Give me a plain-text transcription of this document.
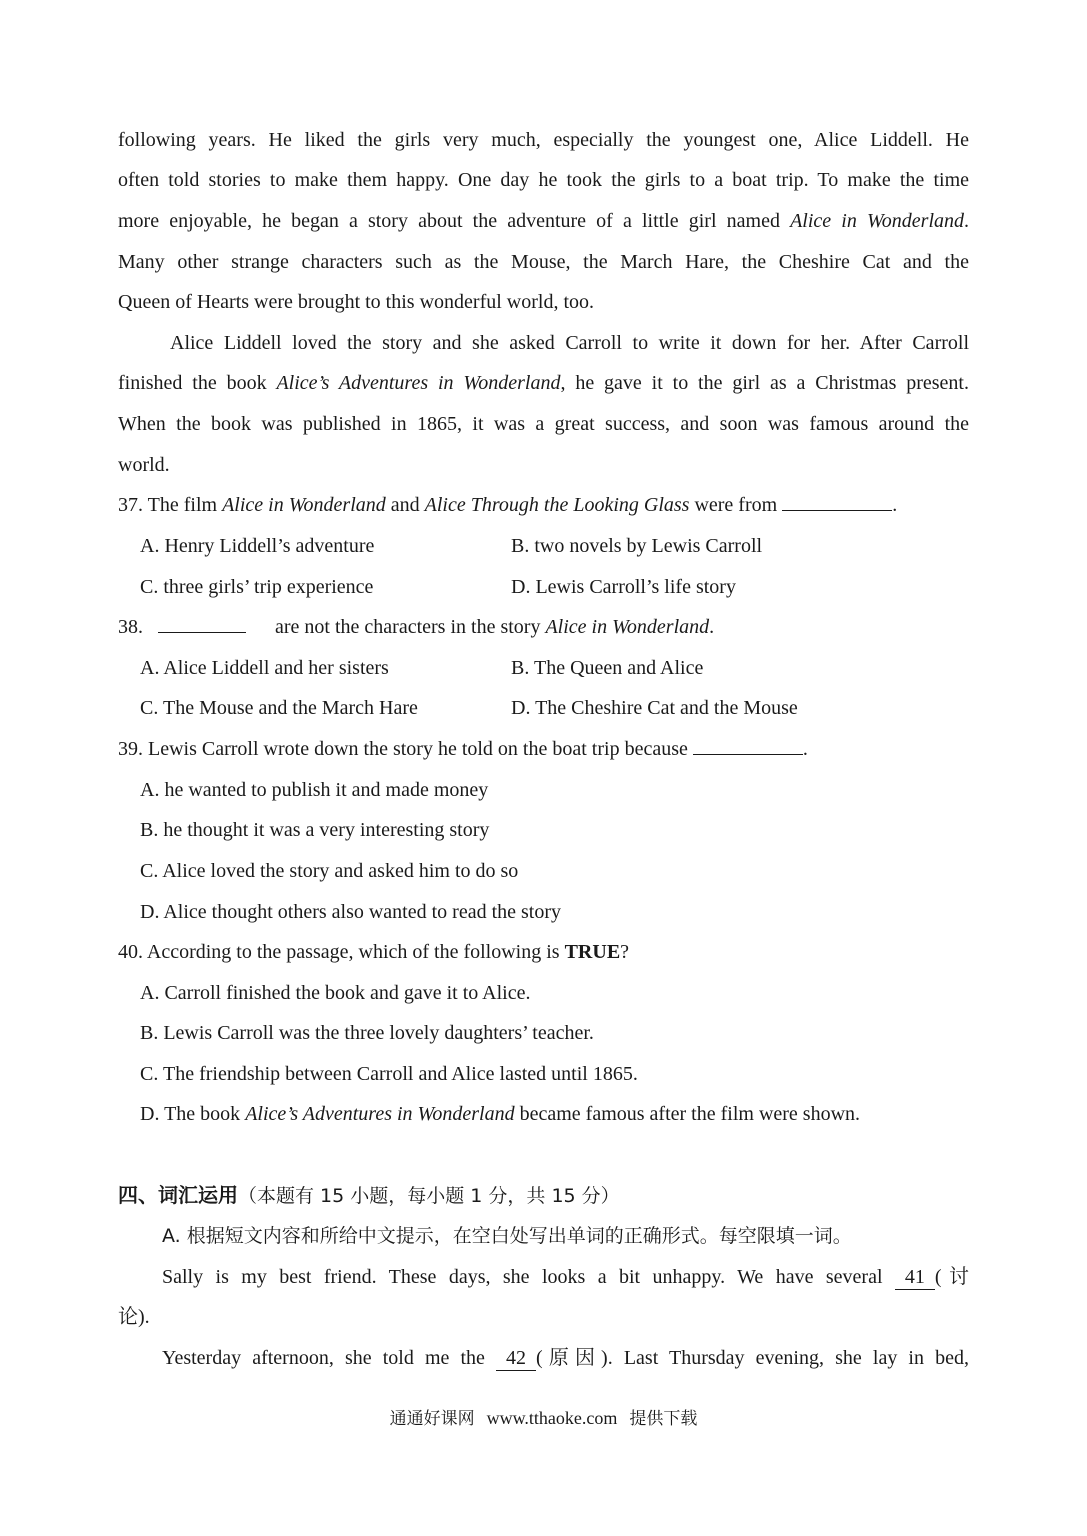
following years. He liked the girls very much, especially the youngest one, Alice Liddell. He
often told stories to make them happy. One day he took the girls to a boat trip. To make the time
more enjoyable, he began a story about the adventure of a little girl named Alice in Wonderland.
Many other strange characters such as the Mouse, the March Hare, the Cheshire Cat and the
Queen of Hearts were brought to this wonderful world, too.
Alice Liddell loved the story and she asked Carroll to write it down for her. After Carroll
finished the book Alice’s Adventures in Wonderland, he gave it to the girl as a Christmas present.
When the book was published in 1865, it was a great success, and soon was famous around the
world.
37. The film Alice in Wonderland and Alice Through the Looking Glass were from	.
A. Henry Liddell’s adventure	B. two novels by Lewis Carroll
C. three girls’ trip experience	D. Lewis Carroll’s life story
38.	are not the characters in the story Alice in Wonderland.
A. Alice Liddell and her sisters	B. The Queen and Alice
C. The Mouse and the March Hare	D. The Cheshire Cat and the Mouse
39. Lewis Carroll wrote down the story he told on the boat trip because	.
A. he wanted to publish it and made money
B. he thought it was a very interesting story
C. Alice loved the story and asked him to do so
D. Alice thought others also wanted to read the story
40. According to the passage, which of the following is TRUE?
A. Carroll finished the book and gave it to Alice.
B. Lewis Carroll was the three lovely daughters’ teacher.
C. The friendship between Carroll and Alice lasted until 1865.
D. The book Alice’s Adventures in Wonderland became famous after the film were shown.
四、词汇运用（本题有 15 小题，每小题 1 分，共 15 分）
A. 根据短文内容和所给中文提示，在空白处写出单词的正确形式。每空限填一词。
Sally is my best friend. These days, she looks a bit unhappy. We have several 41 (讨
论).
Yesterday afternoon, she told me the 42 (原因). Last Thursday evening, she lay in bed,
通通好课网 www.tthaoke.com 提供下载
